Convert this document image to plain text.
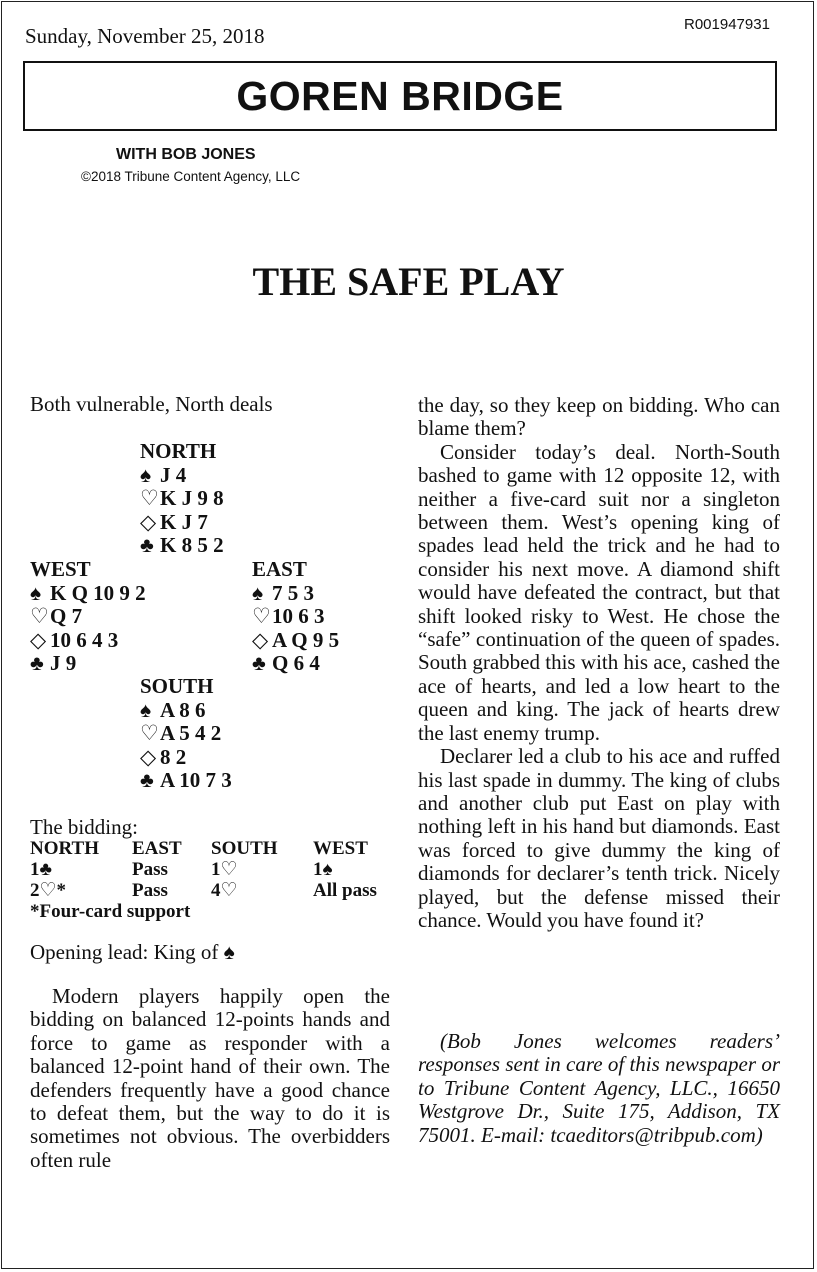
Sunday, November 25, 2018	R001947931
GOREN BRIDGE
WITH BOB JONES
©2018 Tribune Content Agency, LLC
THE SAFE PLAY
Both vulnerable, North deals
NORTH
♠ J 4
♡K J 9 8
◇ K J 7
♣ K 8 5 2
WEST
♠ K Q 10 9 2
♡Q 7
◇ 10 6 4 3
♣ J 9
EAST
♠ 7 5 3
♡10 6 3
◇ A Q 9 5
♣ Q 6 4
SOUTH
♠ A 8 6
♡A 5 4 2
◇ 8 2
♣ A 10 7 3
The bidding:
NORTH	EAST	SOUTH	WEST
1♣	Pass	1♡	1♠
2♡*	Pass	4♡	All pass
*Four-card support			
Opening lead: King of ♠

Modern players happily open the bidding on balanced 12-points hands and force to game as responder with a balanced 12-point hand of their own. The defenders frequently have a good chance to defeat them, but the way to do it is sometimes not obvious. The overbidders often rule

the day, so they keep on bidding. Who can blame them?

Consider today’s deal. North-South bashed to game with 12 opposite 12, with neither a five-card suit nor a singleton between them. West’s opening king of spades lead held the trick and he had to consider his next move. A diamond shift would have defeated the contract, but that shift looked risky to West. He chose the “safe” continuation of the queen of spades. South grabbed this with his ace, cashed the ace of hearts, and led a low heart to the queen and king. The jack of hearts drew the last enemy trump.

Declarer led a club to his ace and ruffed his last spade in dummy. The king of clubs and another club put East on play with nothing left in his hand but diamonds. East was forced to give dummy the king of diamonds for declarer’s tenth trick. Nicely played, but the defense missed their chance. Would you have found it?

(Bob Jones welcomes readers’ responses sent in care of this newspaper or to Tribune Content Agency, LLC., 16650 Westgrove Dr., Suite 175, Addison, TX 75001. E-mail: tcaeditors@tribpub.com)
